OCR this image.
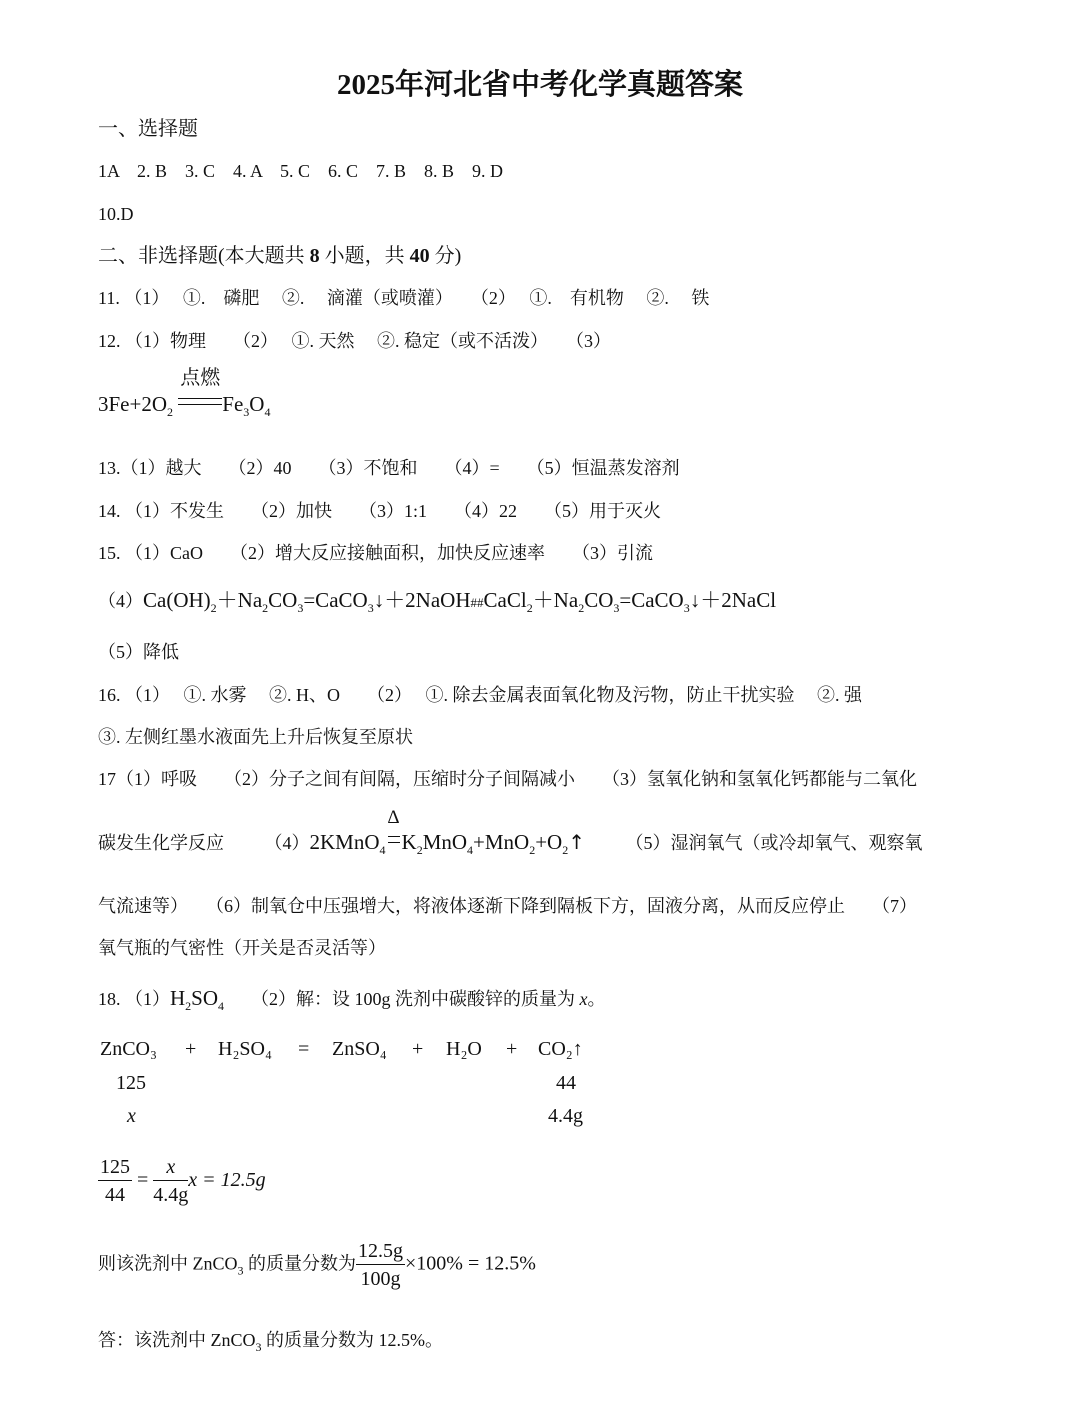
2025年河北省中考化学真题答案
一、选择题
1A　2. B　3. C　4. A　5. C　6. C　7. B　8. B　9. D
10.D
二、非选择题(本大题共 8 小题，共 40 分)
11. （1）　 ①.　磷肥　 ②.　 滴灌（或喷灌）　　（2）　 ①.　有机物　 ②.　 铁
12. （1）物理　　（2）　 ①. 天然　 ②. 稳定（或不活泼）　　（3）
$3Fe+2O_2$
点燃
$Fe_3O_4$
13.（1）越大　　（2）40　　（3）不饱和　　（4）=　　（5）恒温蒸发溶剂
14. （1）不发生　　（2）加快　　（3）1:1　　（4）22　　（5）用于灭火
15. （1）CaO　　（2）增大反应接触面积，加快反应速率　　（3）引流
$(4)Ca(OH)_2+Na_2CO_3=CaCO_3↓+2NaOH\#\#CaCl_2+Na_2CO_3=CaCO_3↓+2NaCl$
（5）降低
16. （1）　 ①. 水雾　 ②. H、O　　（2）　 ①. 除去金属表面氧化物及污物，防止干扰实验　 ②. 强
③. 左侧红墨水液面先上升后恢复至原状
17（1）呼吸　　（2）分子之间有间隔，压缩时分子间隔减小　　（3）氢氧化钠和氢氧化钙都能与二氧化
碳发生化学反应　　 （4）2KMnO$_4$
Δ
$K_2MnO_4+MnO_2+O_2↑$　　 （5）湿润氧气（或冷却氧气、观察氧
气流速等）　　（6）制氧仓中压强增大，将液体逐渐下降到隔板下方，固液分离，从而反应停止　　（7）
氧气瓶的气密性（开关是否灵活等）
18. $(1)H_2SO_4$　　（2）解：设 100g 洗剂中碳酸锌的质量为 x。
ZnCO₃ + H₂SO₄ = ZnSO₄ + H₂O + CO₂↑
125	44
x	4.4g
$\frac{125}{44} = \frac{x}{4.4g}$ x = 12.5g
则该洗剂中 ZnCO$_3$ 的质量分数为 $\frac{12.5g}{100g} \times 100\% = 12.5\%$
答：该洗剂中 ZnCO$_3$ 的质量分数为 12.5%。
